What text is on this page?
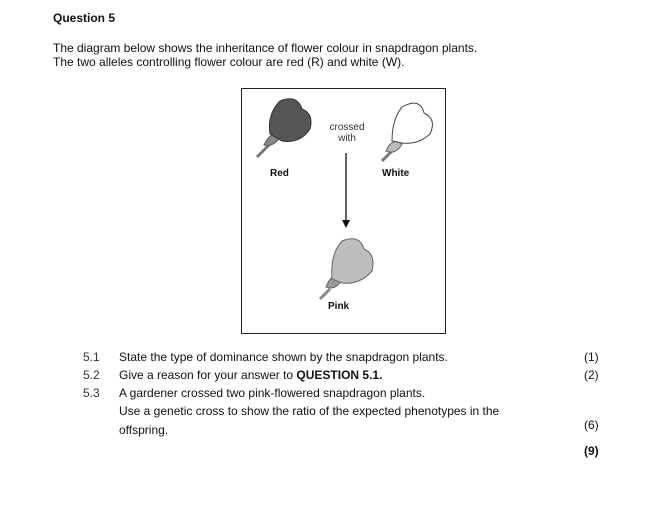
Question 5
The diagram below shows the inheritance of flower colour in snapdragon plants.
The two alleles controlling flower colour are red (R) and white (W).
crossed
with
Red	White
Pink
5.1 State the type of dominance shown by the snapdragon plants.	(1)
5.2 Give a reason for your answer to QUESTION 5.1.	(2)
5.3 A gardener crossed two pink-flowered snapdragon plants.
Use a genetic cross to show the ratio of the expected phenotypes in the
offspring.	(6)
(9)
